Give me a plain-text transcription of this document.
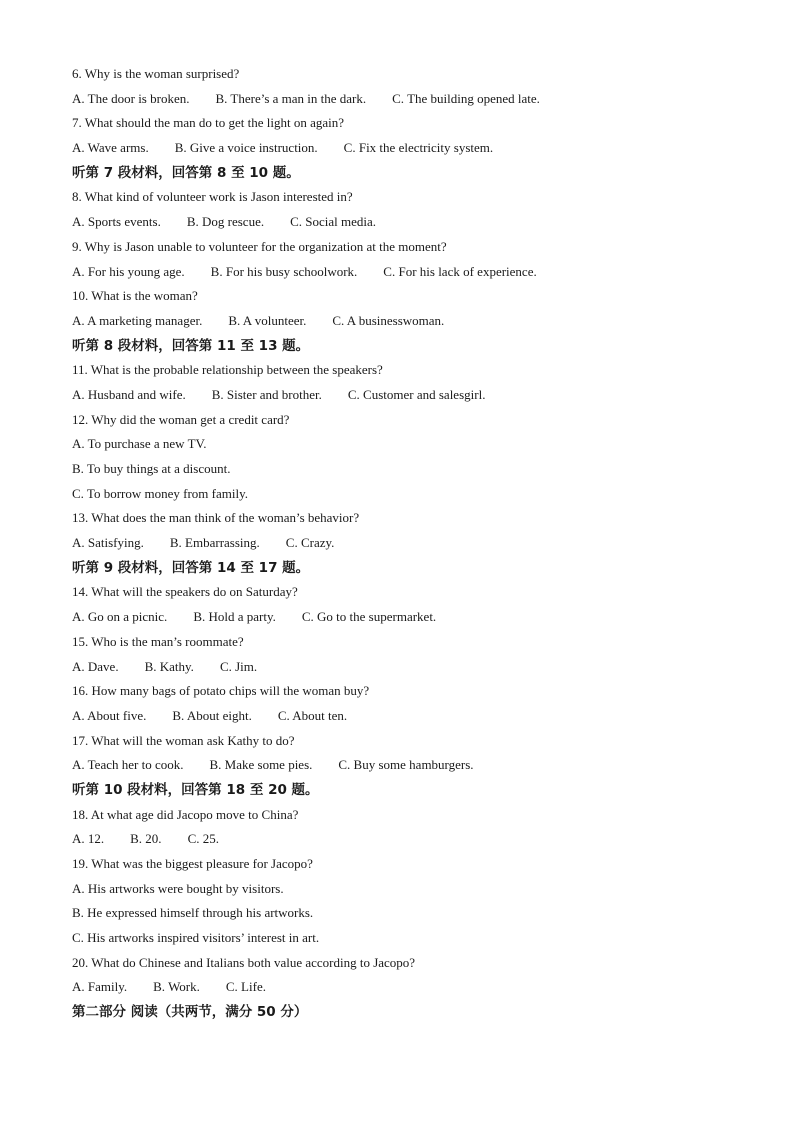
6. Why is the woman surprised?
A. The door is broken. B. There’s a man in the dark. C. The building opened late.
7. What should the man do to get the light on again?
A. Wave arms. B. Give a voice instruction. C. Fix the electricity system.
听第 7 段材料，回答第 8 至 10 题。
8. What kind of volunteer work is Jason interested in?
A. Sports events. B. Dog rescue. C. Social media.
9. Why is Jason unable to volunteer for the organization at the moment?
A. For his young age. B. For his busy schoolwork. C. For his lack of experience.
10. What is the woman?
A. A marketing manager. B. A volunteer. C. A businesswoman.
听第 8 段材料，回答第 11 至 13 题。
11. What is the probable relationship between the speakers?
A. Husband and wife. B. Sister and brother. C. Customer and salesgirl.
12. Why did the woman get a credit card?
A. To purchase a new TV.
B. To buy things at a discount.
C. To borrow money from family.
13. What does the man think of the woman’s behavior?
A. Satisfying. B. Embarrassing. C. Crazy.
听第 9 段材料，回答第 14 至 17 题。
14. What will the speakers do on Saturday?
A. Go on a picnic. B. Hold a party. C. Go to the supermarket.
15. Who is the man’s roommate?
A. Dave. B. Kathy. C. Jim.
16. How many bags of potato chips will the woman buy?
A. About five. B. About eight. C. About ten.
17. What will the woman ask Kathy to do?
A. Teach her to cook. B. Make some pies. C. Buy some hamburgers.
听第 10 段材料，回答第 18 至 20 题。
18. At what age did Jacopo move to China?
A. 12. B. 20. C. 25.
19. What was the biggest pleasure for Jacopo?
A. His artworks were bought by visitors.
B. He expressed himself through his artworks.
C. His artworks inspired visitors’ interest in art.
20. What do Chinese and Italians both value according to Jacopo?
A. Family. B. Work. C. Life.
第二部分 阅读（共两节，满分 50 分）
